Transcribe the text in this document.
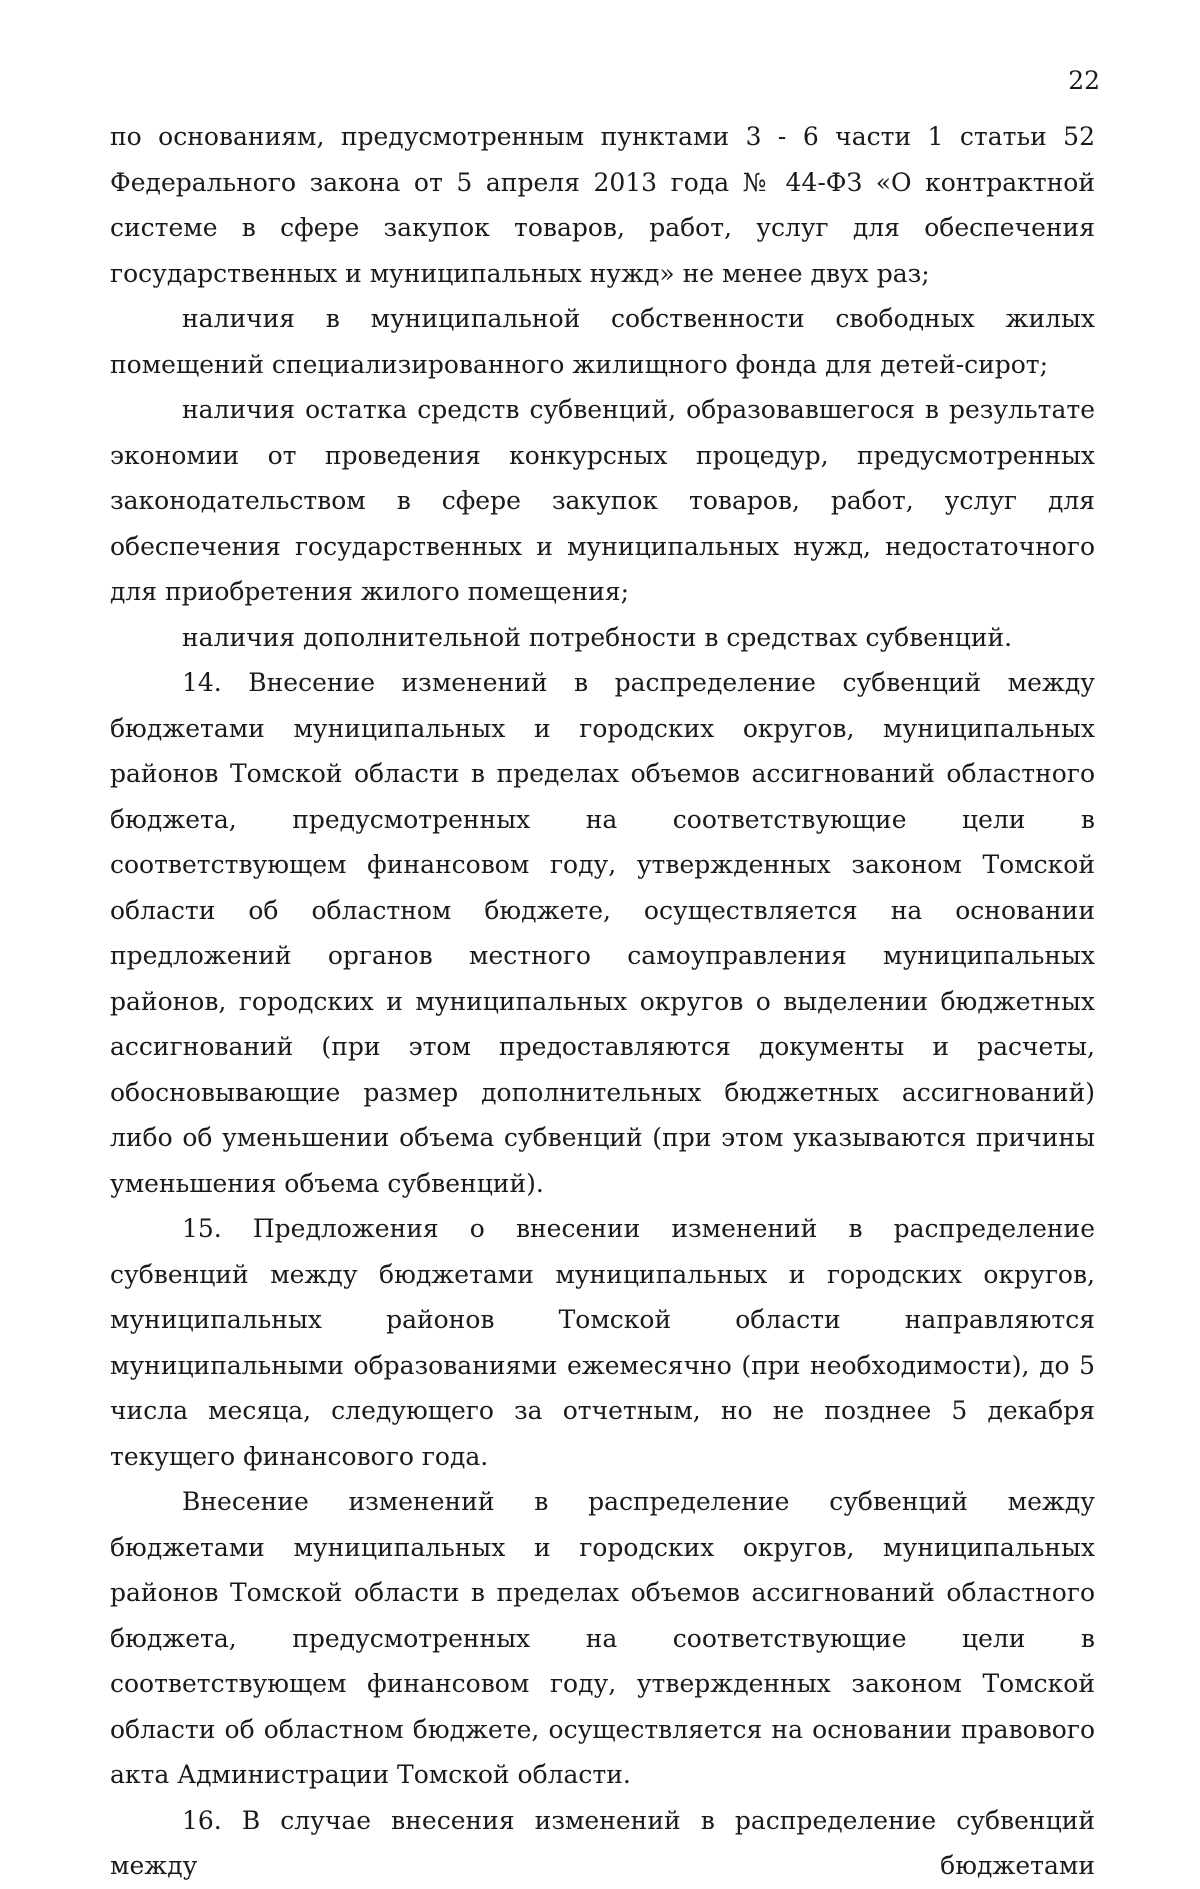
22

по основаниям, предусмотренным пунктами 3 - 6 части 1 статьи 52 Федерального закона от 5 апреля 2013 года № 44-ФЗ «О контрактной системе в сфере закупок товаров, работ, услуг для обеспечения государственных и муниципальных нужд» не менее двух раз;

наличия в муниципальной собственности свободных жилых помещений специализированного жилищного фонда для детей-сирот;

наличия остатка средств субвенций, образовавшегося в результате экономии от проведения конкурсных процедур, предусмотренных законодательством в сфере закупок товаров, работ, услуг для обеспечения государственных и муниципальных нужд, недостаточного для приобретения жилого помещения;

наличия дополнительной потребности в средствах субвенций.

14. Внесение изменений в распределение субвенций между бюджетами муниципальных и городских округов, муниципальных районов Томской области в пределах объемов ассигнований областного бюджета, предусмотренных на соответствующие цели в соответствующем финансовом году, утвержденных законом Томской области об областном бюджете, осуществляется на основании предложений органов местного самоуправления муниципальных районов, городских и муниципальных округов о выделении бюджетных ассигнований (при этом предоставляются документы и расчеты, обосновывающие размер дополнительных бюджетных ассигнований) либо об уменьшении объема субвенций (при этом указываются причины уменьшения объема субвенций).

15. Предложения о внесении изменений в распределение субвенций между бюджетами муниципальных и городских округов, муниципальных районов Томской области направляются муниципальными образованиями ежемесячно (при необходимости), до 5 числа месяца, следующего за отчетным, но не позднее 5 декабря текущего финансового года.

Внесение изменений в распределение субвенций между бюджетами муниципальных и городских округов, муниципальных районов Томской области в пределах объемов ассигнований областного бюджета, предусмотренных на соответствующие цели в соответствующем финансовом году, утвержденных законом Томской области об областном бюджете, осуществляется на основании правового акта Администрации Томской области.

16. В случае внесения изменений в распределение субвенций между бюджетами
